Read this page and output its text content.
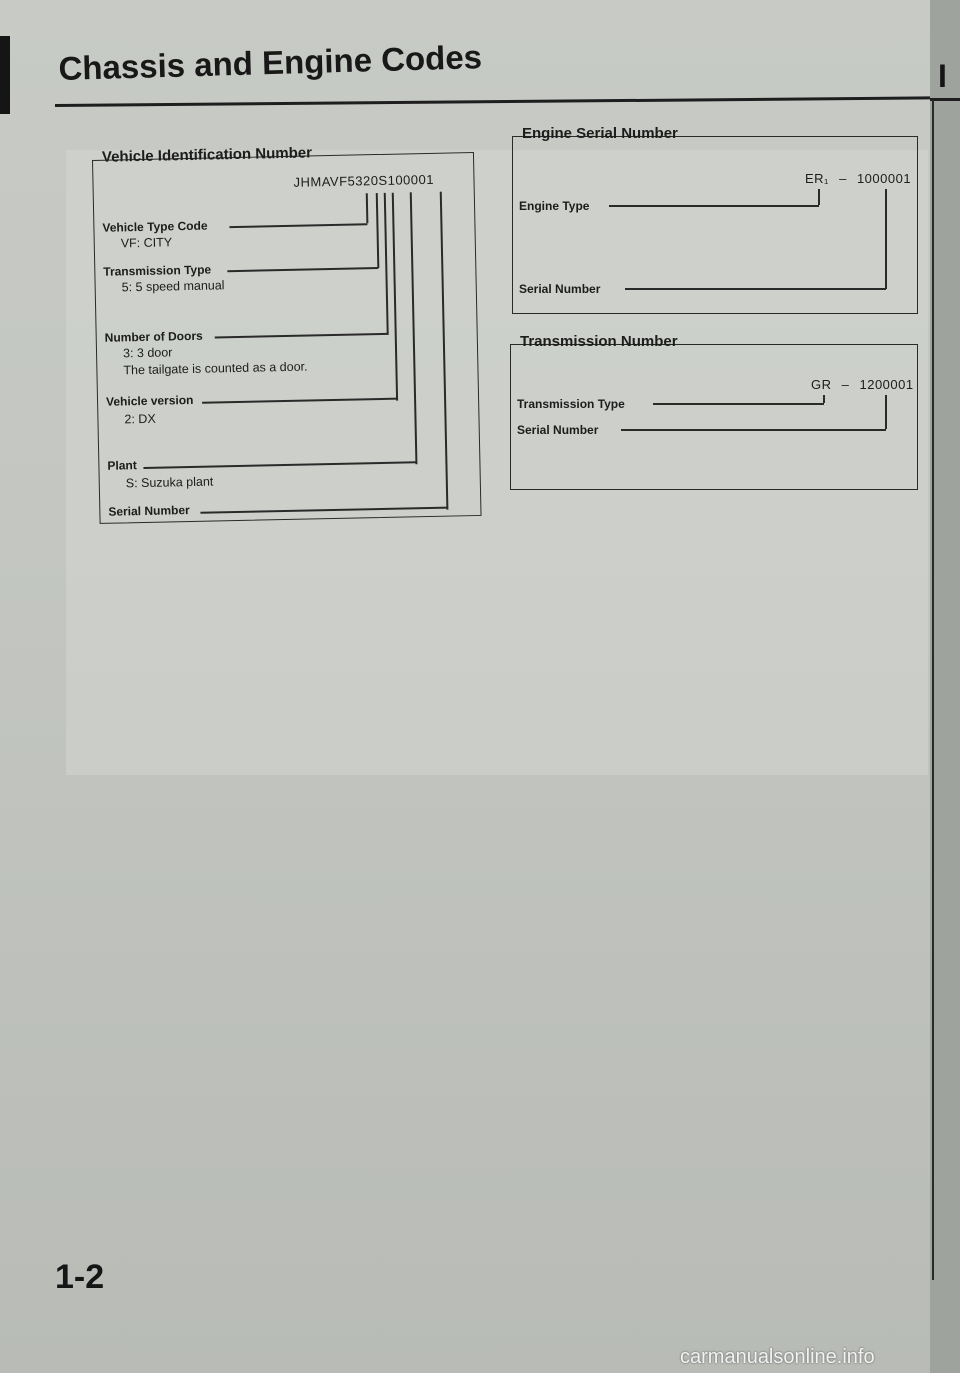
Chassis and Engine Codes
Vehicle Identification Number
JHMAVF5320S100001
Vehicle Type Code
VF: CITY
Transmission Type
5: 5 speed manual
Number of Doors
3: 3 door
The tailgate is counted as a door.
Vehicle version
2: DX
Plant
S: Suzuka plant
Serial Number
Engine Serial Number
ER₁ – 1000001
Engine Type
Serial Number
Transmission Number
GR – 1200001
Transmission Type
Serial Number
1-2
I
carmanualsonline.info
